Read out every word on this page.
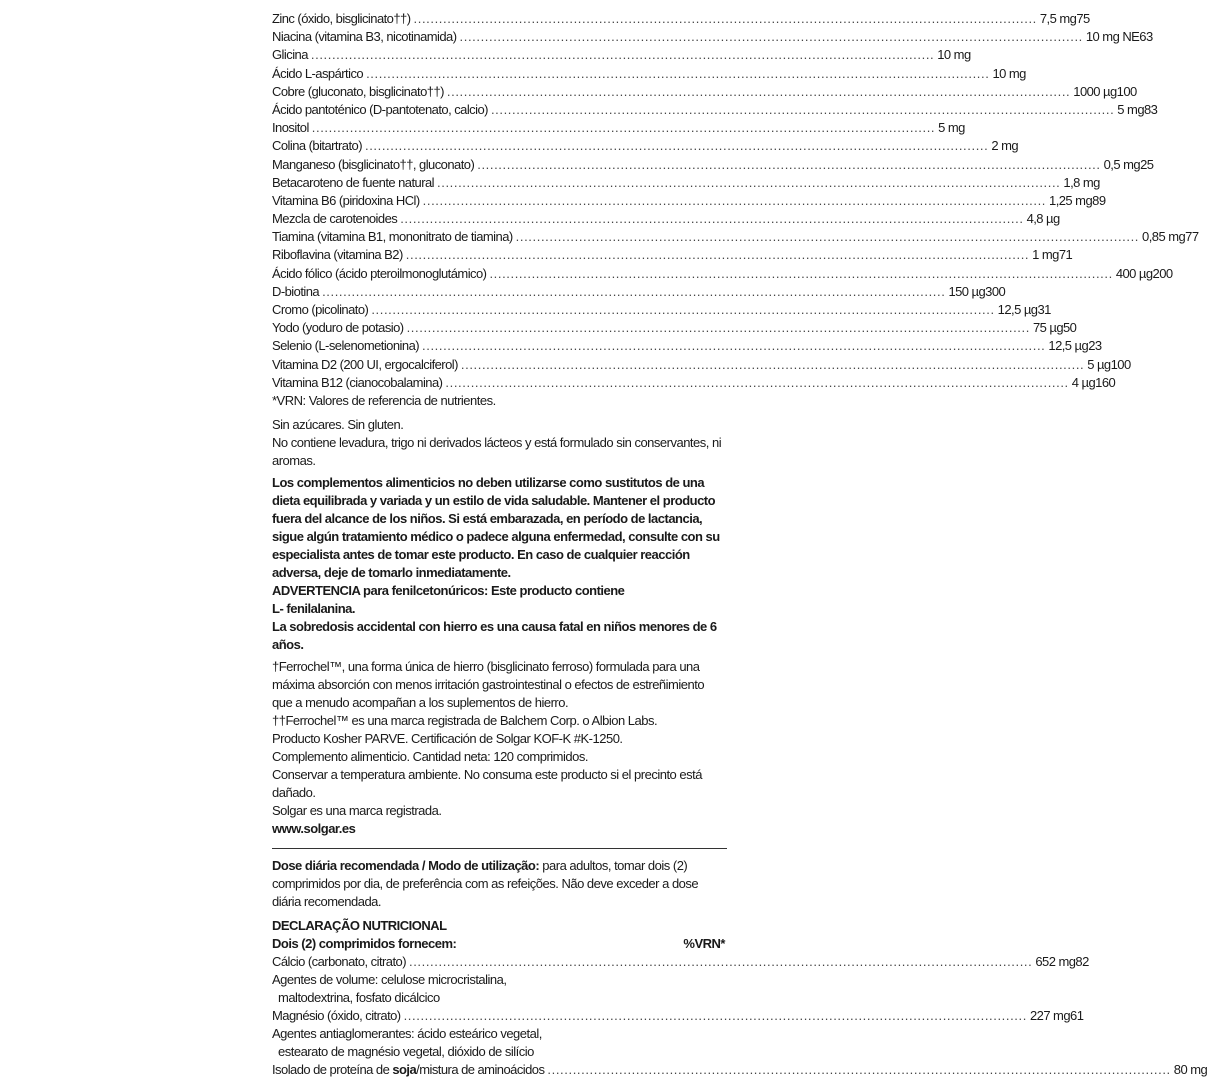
Zinc (óxido, bisglicinato††) .................................................................................................................................................... 7,5 mg 75
Niacina (vitamina B3, nicotinamida) .................................................................................................................................................... 10 mg NE 63
Glicina .................................................................................................................................................... 10 mg
Ácido L-aspártico .................................................................................................................................................... 10 mg
Cobre (gluconato, bisglicinato††) .................................................................................................................................................... 1000 µg 100
Ácido pantoténico (D-pantotenato, calcio) .................................................................................................................................................... 5 mg 83
Inositol .................................................................................................................................................... 5 mg
Colina (bitartrato) .................................................................................................................................................... 2 mg
Manganeso (bisglicinato††, gluconato) .................................................................................................................................................... 0,5 mg 25
Betacaroteno de fuente natural .................................................................................................................................................... 1,8 mg
Vitamina B6 (piridoxina HCl) .................................................................................................................................................... 1,25 mg 89
Mezcla de carotenoides .................................................................................................................................................... 4,8 µg
Tiamina (vitamina B1, mononitrato de tiamina) .................................................................................................................................................... 0,85 mg 77
Riboflavina (vitamina B2) .................................................................................................................................................... 1 mg 71
Ácido fólico (ácido pteroilmonoglutámico) .................................................................................................................................................... 400 µg 200
D-biotina .................................................................................................................................................... 150 µg 300
Cromo (picolinato) .................................................................................................................................................... 12,5 µg 31
Yodo (yoduro de potasio) .................................................................................................................................................... 75 µg 50
Selenio (L-selenometionina) .................................................................................................................................................... 12,5 µg 23
Vitamina D2 (200 UI, ergocalciferol) .................................................................................................................................................... 5 µg 100
Vitamina B12 (cianocobalamina) .................................................................................................................................................... 4 µg 160

*VRN: Valores de referencia de nutrientes.

Sin azúcares. Sin gluten.

No contiene levadura, trigo ni derivados lácteos y está formulado sin conservantes, ni aromas.

Los complementos alimenticios no deben utilizarse como sustitutos de una dieta equilibrada y variada y un estilo de vida saludable. Mantener el producto fuera del alcance de los niños. Si está embarazada, en período de lactancia, sigue algún tratamiento médico o padece alguna enfermedad, consulte con su especialista antes de tomar este producto. En caso de cualquier reacción adversa, deje de tomarlo inmediatamente.

ADVERTENCIA para fenilcetonúricos: Este producto contiene

L- fenilalanina.

La sobredosis accidental con hierro es una causa fatal en niños menores de 6 años.

†Ferrochel™, una forma única de hierro (bisglicinato ferroso) formulada para una máxima absorción con menos irritación gastrointestinal o efectos de estreñimiento que a menudo acompañan a los suplementos de hierro.

††Ferrochel™ es una marca registrada de Balchem Corp. o Albion Labs.

Producto Kosher PARVE. Certificación de Solgar KOF-K #K-1250.

Complemento alimenticio. Cantidad neta: 120 comprimidos.

Conservar a temperatura ambiente. No consuma este producto si el precinto está dañado.

Solgar es una marca registrada.

www.solgar.es

Dose diária recomendada / Modo de utilização: para adultos, tomar dois (2) comprimidos por dia, de preferência com as refeições. Não deve exceder a dose diária recomendada.

DECLARAÇÃO NUTRICIONAL

Dois (2) comprimidos fornecem:	%VRN*
Cálcio (carbonato, citrato) .................................................................................................................................................... 652 mg 82

Agentes de volume: celulose microcristalina,

maltodextrina, fosfato dicálcico

Magnésio (óxido, citrato) .................................................................................................................................................... 227 mg 61

Agentes antiaglomerantes: ácido esteárico vegetal,

estearato de magnésio vegetal, dióxido de silício

Isolado de proteína de soja/mistura de aminoácidos .................................................................................................................................................... 80 mg
